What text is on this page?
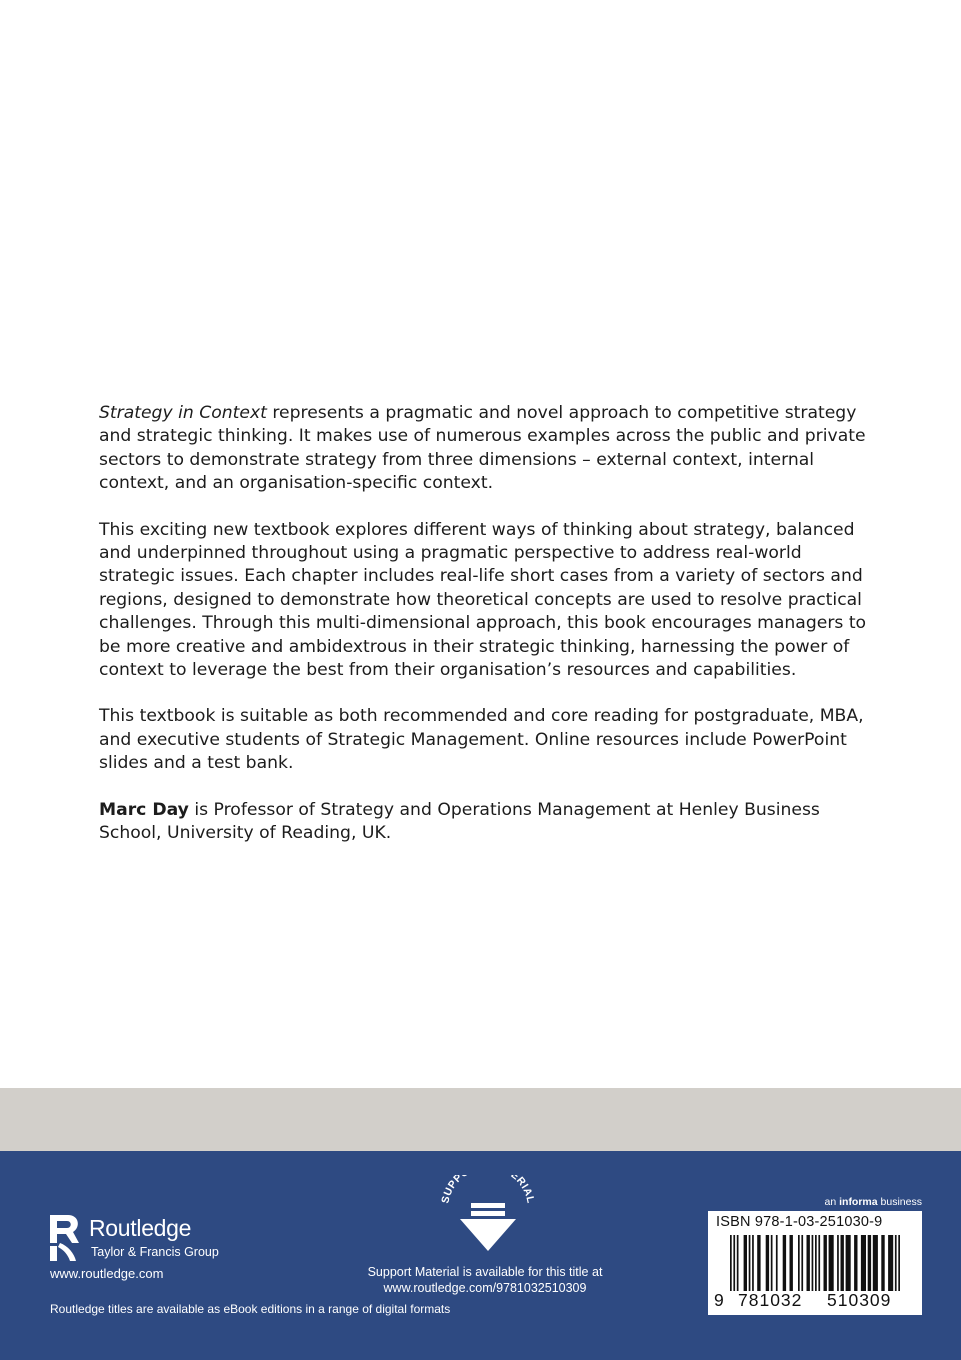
Strategy in Context represents a pragmatic and novel approach to competitive strategy and strategic thinking. It makes use of numerous examples across the public and private sectors to demonstrate strategy from three dimensions – external context, internal context, and an organisation-specific context.

This exciting new textbook explores different ways of thinking about strategy, balanced and underpinned throughout using a pragmatic perspective to address real-world strategic issues. Each chapter includes real-life short cases from a variety of sectors and regions, designed to demonstrate how theoretical concepts are used to resolve practical challenges. Through this multi-dimensional approach, this book encourages managers to be more creative and ambidextrous in their strategic thinking, harnessing the power of context to leverage the best from their organisation’s resources and capabilities.

This textbook is suitable as both recommended and core reading for postgraduate, MBA, and executive students of Strategic Management. Online resources include PowerPoint slides and a test bank.

Marc Day is Professor of Strategy and Operations Management at Henley Business School, University of Reading, UK.

Routledge
Taylor & Francis Group
www.routledge.com
Routledge titles are available as eBook editions in a range of digital formats
SUPP ERIAL
Support Material is available for this title at
www.routledge.com/9781032510309
an informa business
ISBN 978-1-03-251030-9
9 781032 510309
